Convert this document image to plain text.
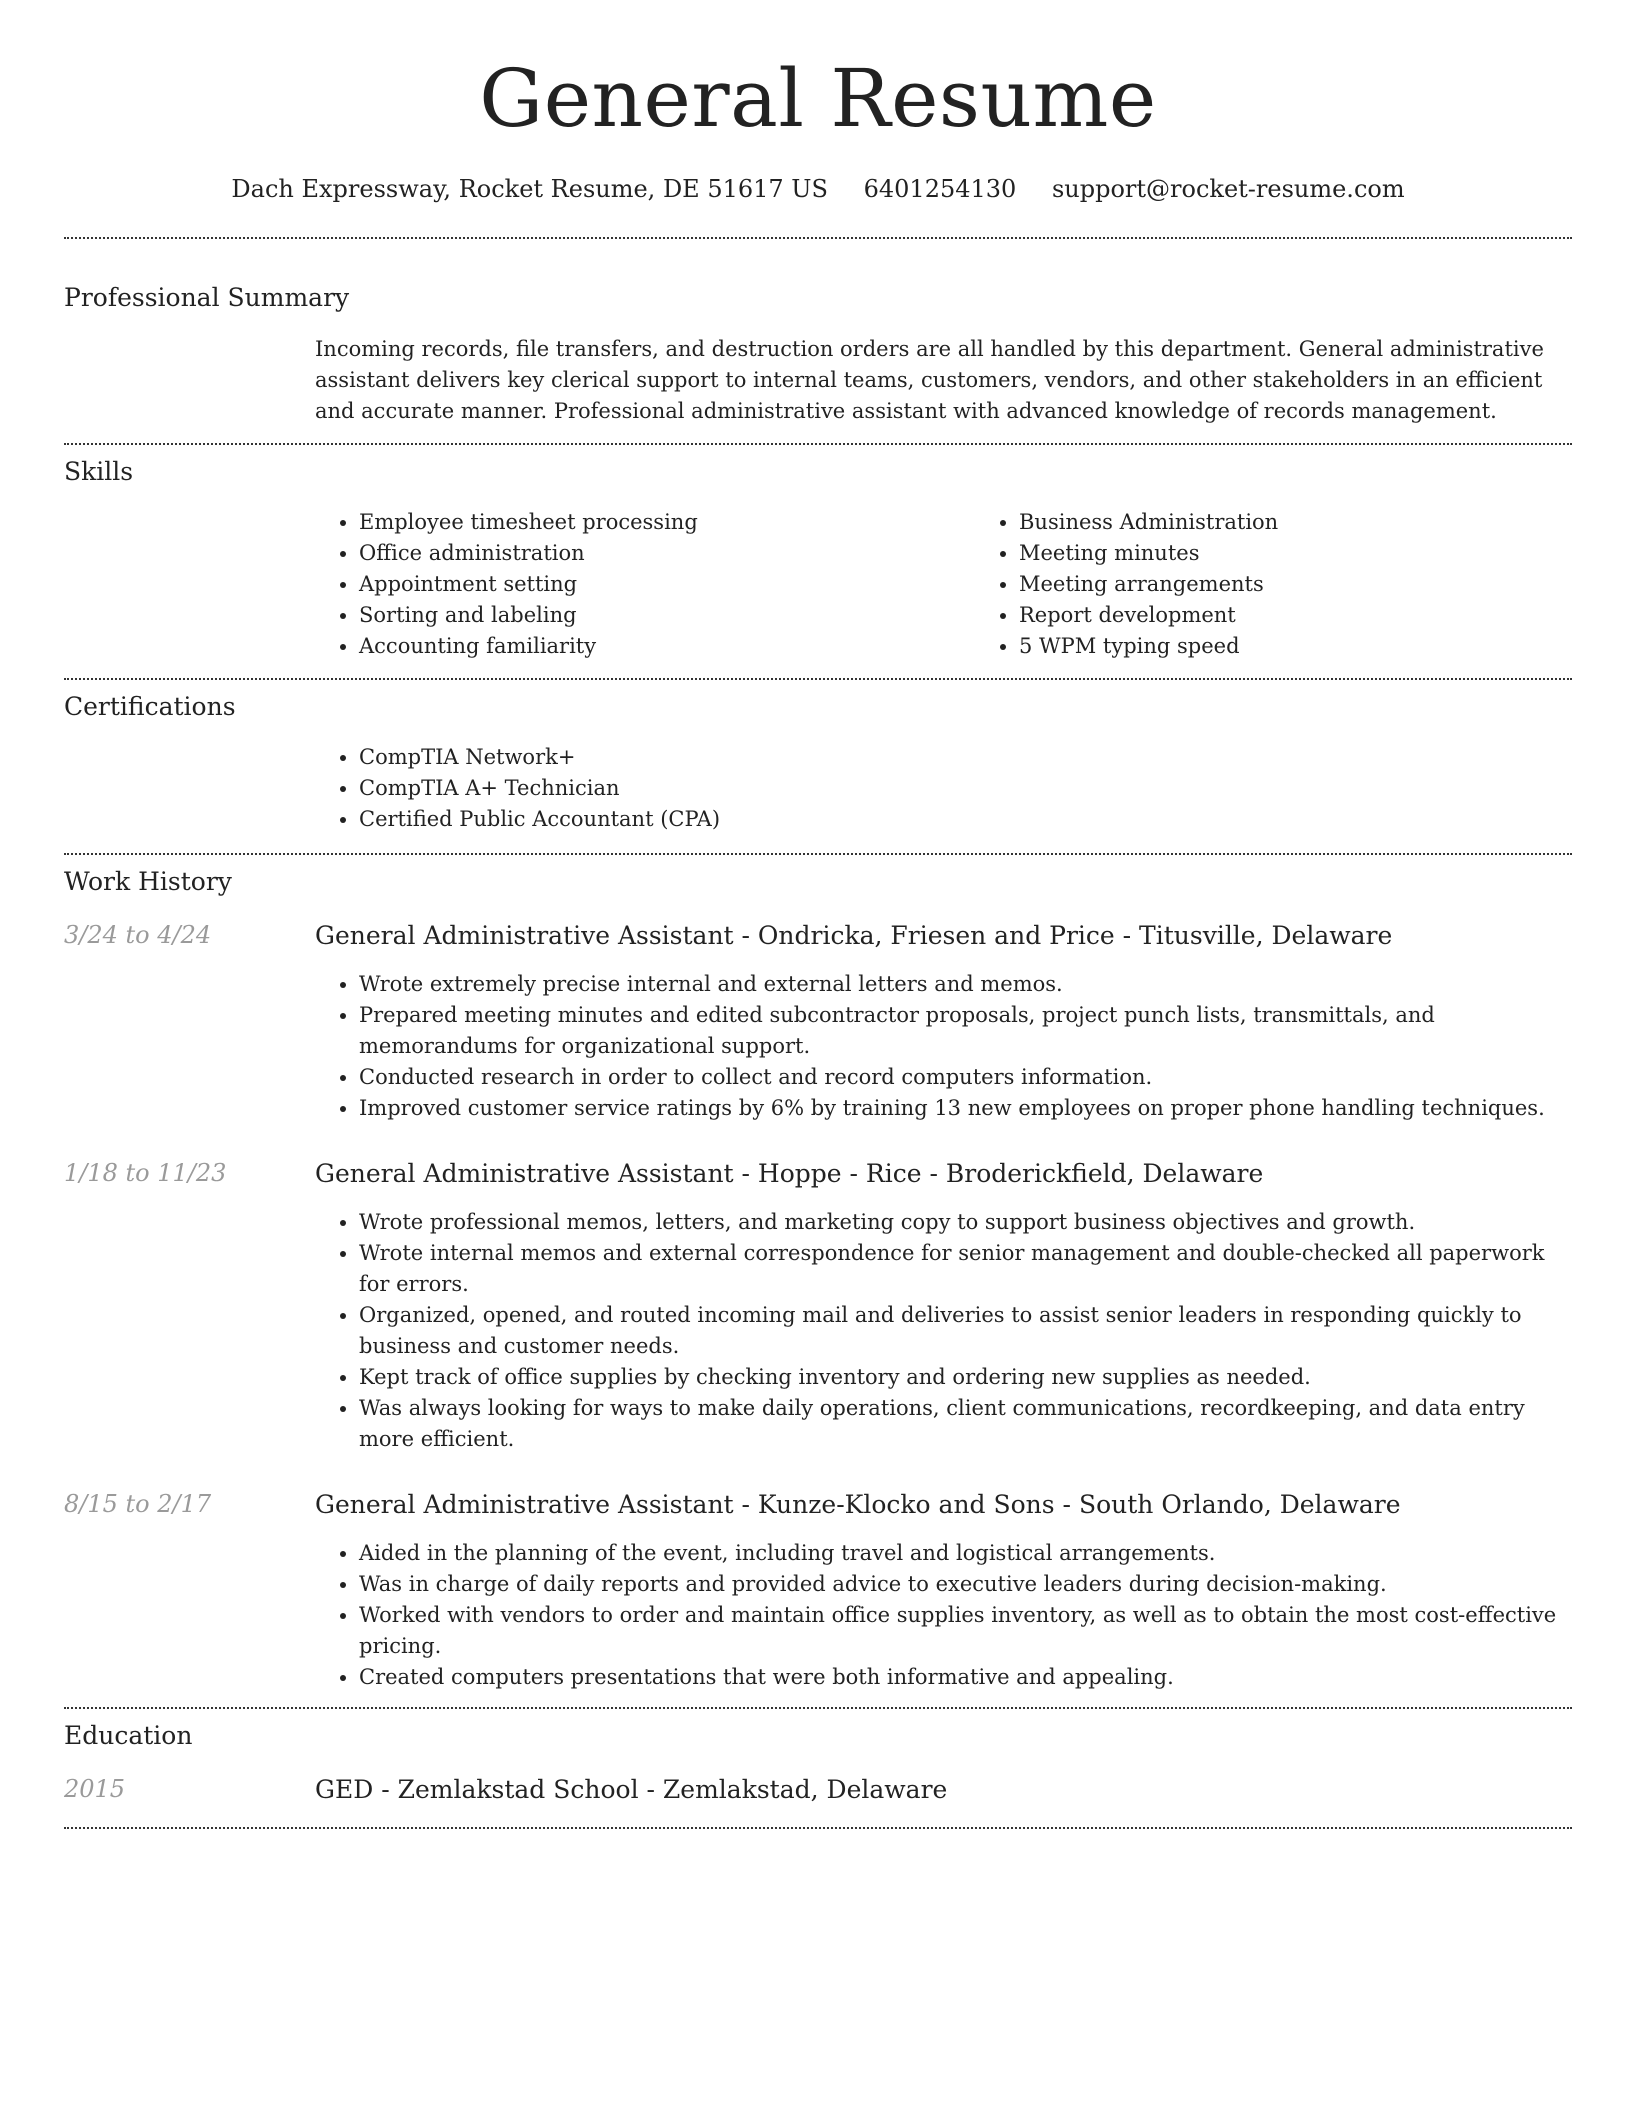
General Resume
Dach Expressway, Rocket Resume, DE 51617 US 6401254130 support@rocket-resume.com
Professional Summary

Incoming records, file transfers, and destruction orders are all handled by this department. General administrative assistant delivers key clerical support to internal teams, customers, vendors, and other stakeholders in an efficient and accurate manner. Professional administrative assistant with advanced knowledge of records management.

Skills
• Employee timesheet processing
• Office administration
• Appointment setting
• Sorting and labeling
• Accounting familiarity
• Business Administration
• Meeting minutes
• Meeting arrangements
• Report development
• 5 WPM typing speed
Certifications
• CompTIA Network+
• CompTIA A+ Technician
• Certified Public Accountant (CPA)
Work History
3/24 to 4/24	General Administrative Assistant - Ondricka, Friesen and Price - Titusville, Delaware
• Wrote extremely precise internal and external letters and memos.
• Prepared meeting minutes and edited subcontractor proposals, project punch lists, transmittals, and memorandums for organizational support.
• Conducted research in order to collect and record computers information.
• Improved customer service ratings by 6% by training 13 new employees on proper phone handling techniques.
1/18 to 11/23	General Administrative Assistant - Hoppe - Rice - Broderickfield, Delaware
• Wrote professional memos, letters, and marketing copy to support business objectives and growth.
• Wrote internal memos and external correspondence for senior management and double-checked all paperwork for errors.
• Organized, opened, and routed incoming mail and deliveries to assist senior leaders in responding quickly to business and customer needs.
• Kept track of office supplies by checking inventory and ordering new supplies as needed.
• Was always looking for ways to make daily operations, client communications, recordkeeping, and data entry more efficient.
8/15 to 2/17	General Administrative Assistant - Kunze-Klocko and Sons - South Orlando, Delaware
• Aided in the planning of the event, including travel and logistical arrangements.
• Was in charge of daily reports and provided advice to executive leaders during decision-making.
• Worked with vendors to order and maintain office supplies inventory, as well as to obtain the most cost-effective pricing.
• Created computers presentations that were both informative and appealing.
Education
2015	GED - Zemlakstad School - Zemlakstad, Delaware
